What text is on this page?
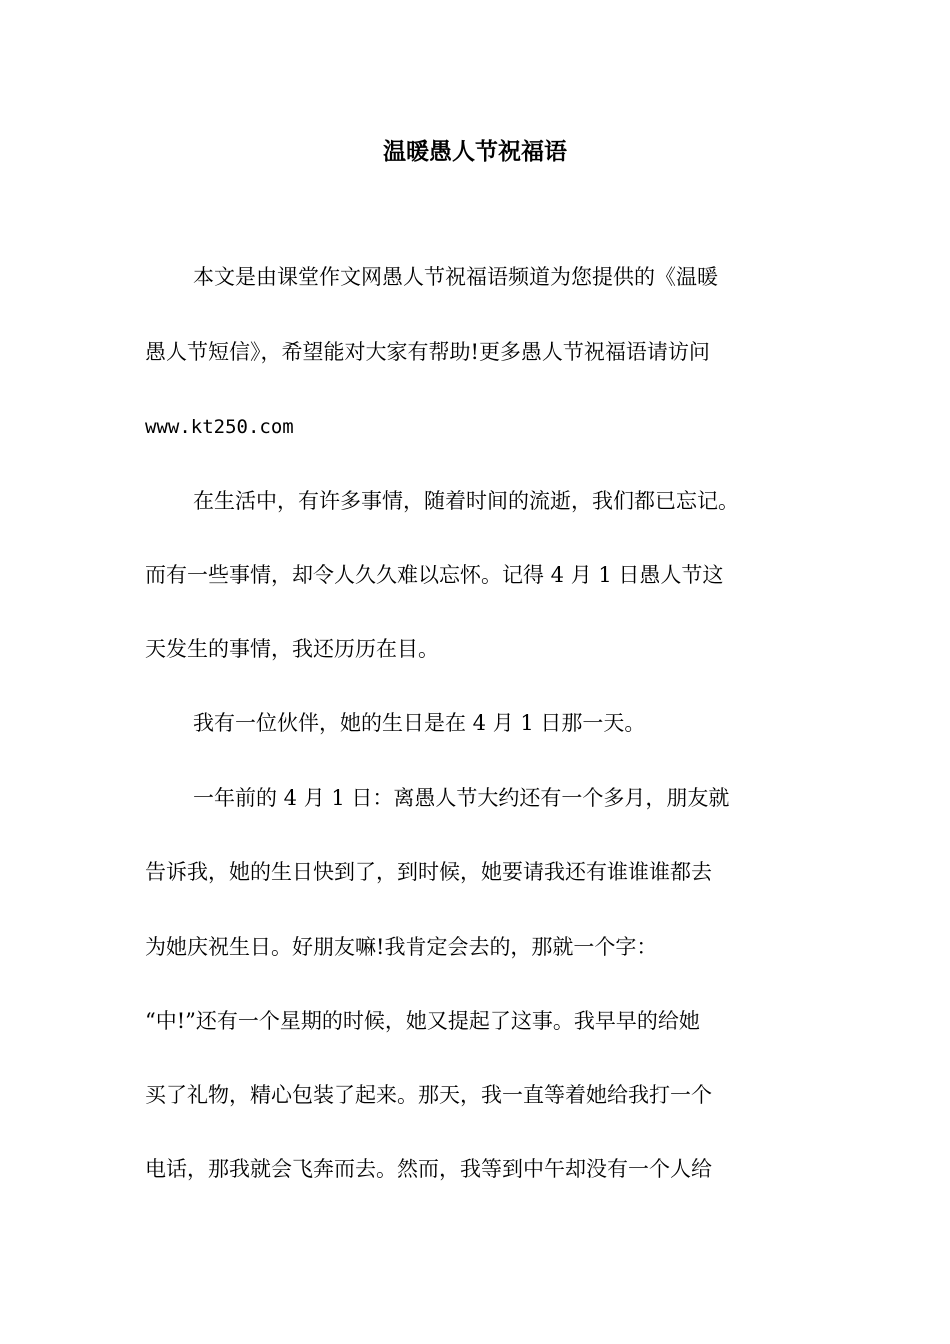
温暖愚人节祝福语
本文是由课堂作文网愚人节祝福语频道为您提供的《温暖
愚人节短信》，希望能对大家有帮助!更多愚人节祝福语请访问
www.kt250.com
在生活中，有许多事情，随着时间的流逝，我们都已忘记。
而有一些事情，却令人久久难以忘怀。记得 4 月 1 日愚人节这
天发生的事情，我还历历在目。
我有一位伙伴，她的生日是在 4 月 1 日那一天。
一年前的 4 月 1 日：离愚人节大约还有一个多月，朋友就
告诉我，她的生日快到了，到时候，她要请我还有谁谁谁都去
为她庆祝生日。好朋友嘛!我肯定会去的，那就一个字：
“中!”还有一个星期的时候，她又提起了这事。我早早的给她
买了礼物，精心包装了起来。那天，我一直等着她给我打一个
电话，那我就会飞奔而去。然而，我等到中午却没有一个人给
